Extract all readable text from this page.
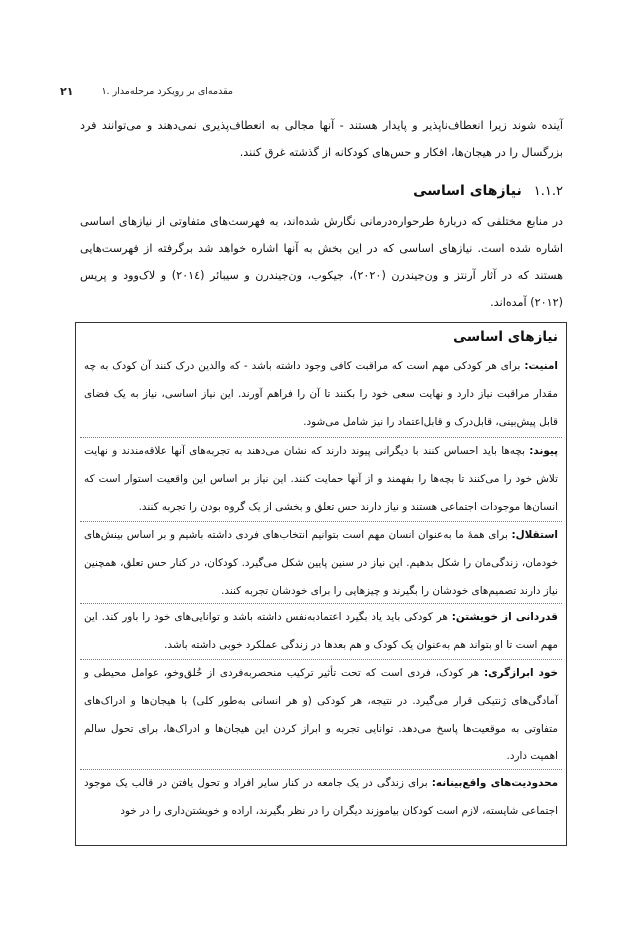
۲۱	۱. مقدمه‌ای بر رویکرد مرحله‌مدار
آینده شوند زیرا انعطاف‌ناپذیر و پایدار هستند - آنها مجالی به انعطاف‌پذیری نمی‌دهند و می‌توانند فرد بزرگسال را در هیجان‌ها، افکار و حس‌های کودکانه از گذشته غرق کنند.
۱.۱.۲
نیازهای اساسی
در منابع مختلفی که دربارهٔ طرحواره‌درمانی نگارش شده‌اند، به فهرست‌های متفاوتی از نیازهای اساسی اشاره شده است. نیازهای اساسی که در این بخش به آنها اشاره خواهد شد برگرفته از فهرست‌هایی هستند که در آثار آرنتز و ون‌جیندرن (۲۰۲۰)، جیکوب، ون‌جیندرن و سیبائر (۲۰۱٤) و لاک‌وود و پریس (۲۰۱۲) آمده‌اند.
نیازهای اساسی
امنیت: برای هر کودکی مهم است که مراقبت کافی وجود داشته باشد - که والدین درک کنند آن کودک به چه مقدار مراقبت نیاز دارد و نهایت سعی خود را بکنند تا آن را فراهم آورند. این نیاز اساسی، نیاز به یک فضای قابل پیش‌بینی، قابل‌درک و قابل‌اعتماد را نیز شامل می‌شود.
پیوند: بچه‌ها باید احساس کنند با دیگرانی پیوند دارند که نشان می‌دهند به تجربه‌های آنها علاقه‌مندند و نهایت تلاش خود را می‌کنند تا بچه‌ها را بفهمند و از آنها حمایت کنند. این نیاز بر اساس این واقعیت استوار است که انسان‌ها موجودات اجتماعی هستند و نیاز دارند حس تعلق و بخشی از یک گروه بودن را تجربه کنند.
استقلال: برای همهٔ ما به‌عنوان انسان مهم است بتوانیم انتخاب‌های فردی داشته باشیم و بر اساس بینش‌های خودمان، زندگی‌مان را شکل بدهیم. این نیاز در سنین پایین شکل می‌گیرد. کودکان، در کنار حس تعلق، همچنین نیاز دارند تصمیم‌های خودشان را بگیرند و چیزهایی را برای خودشان تجربه کنند.
قدردانی از خویشتن: هر کودکی باید یاد بگیرد اعتمادبه‌نفس داشته باشد و توانایی‌های خود را باور کند. این مهم است تا او بتواند هم به‌عنوان یک کودک و هم بعدها در زندگی عملکرد خوبی داشته باشد.
خود ابرازگری: هر کودک، فردی است که تحت تأثیر ترکیب منحصربه‌فردی از خُلق‌وخو، عوامل محیطی و آمادگی‌های ژنتیکی قرار می‌گیرد. در نتیجه، هر کودکی (و هر انسانی به‌طور کلی) با هیجان‌ها و ادراک‌های متفاوتی به موقعیت‌ها پاسخ می‌دهد. توانایی تجربه و ابراز کردن این هیجان‌ها و ادراک‌ها، برای تحول سالم اهمیت دارد.
محدودیت‌های واقع‌بینانه: برای زندگی در یک جامعه در کنار سایر افراد و تحول یافتن در قالب یک موجود اجتماعی شایسته، لازم است کودکان بیاموزند دیگران را در نظر بگیرند، اراده و خویشتن‌داری را در خود
